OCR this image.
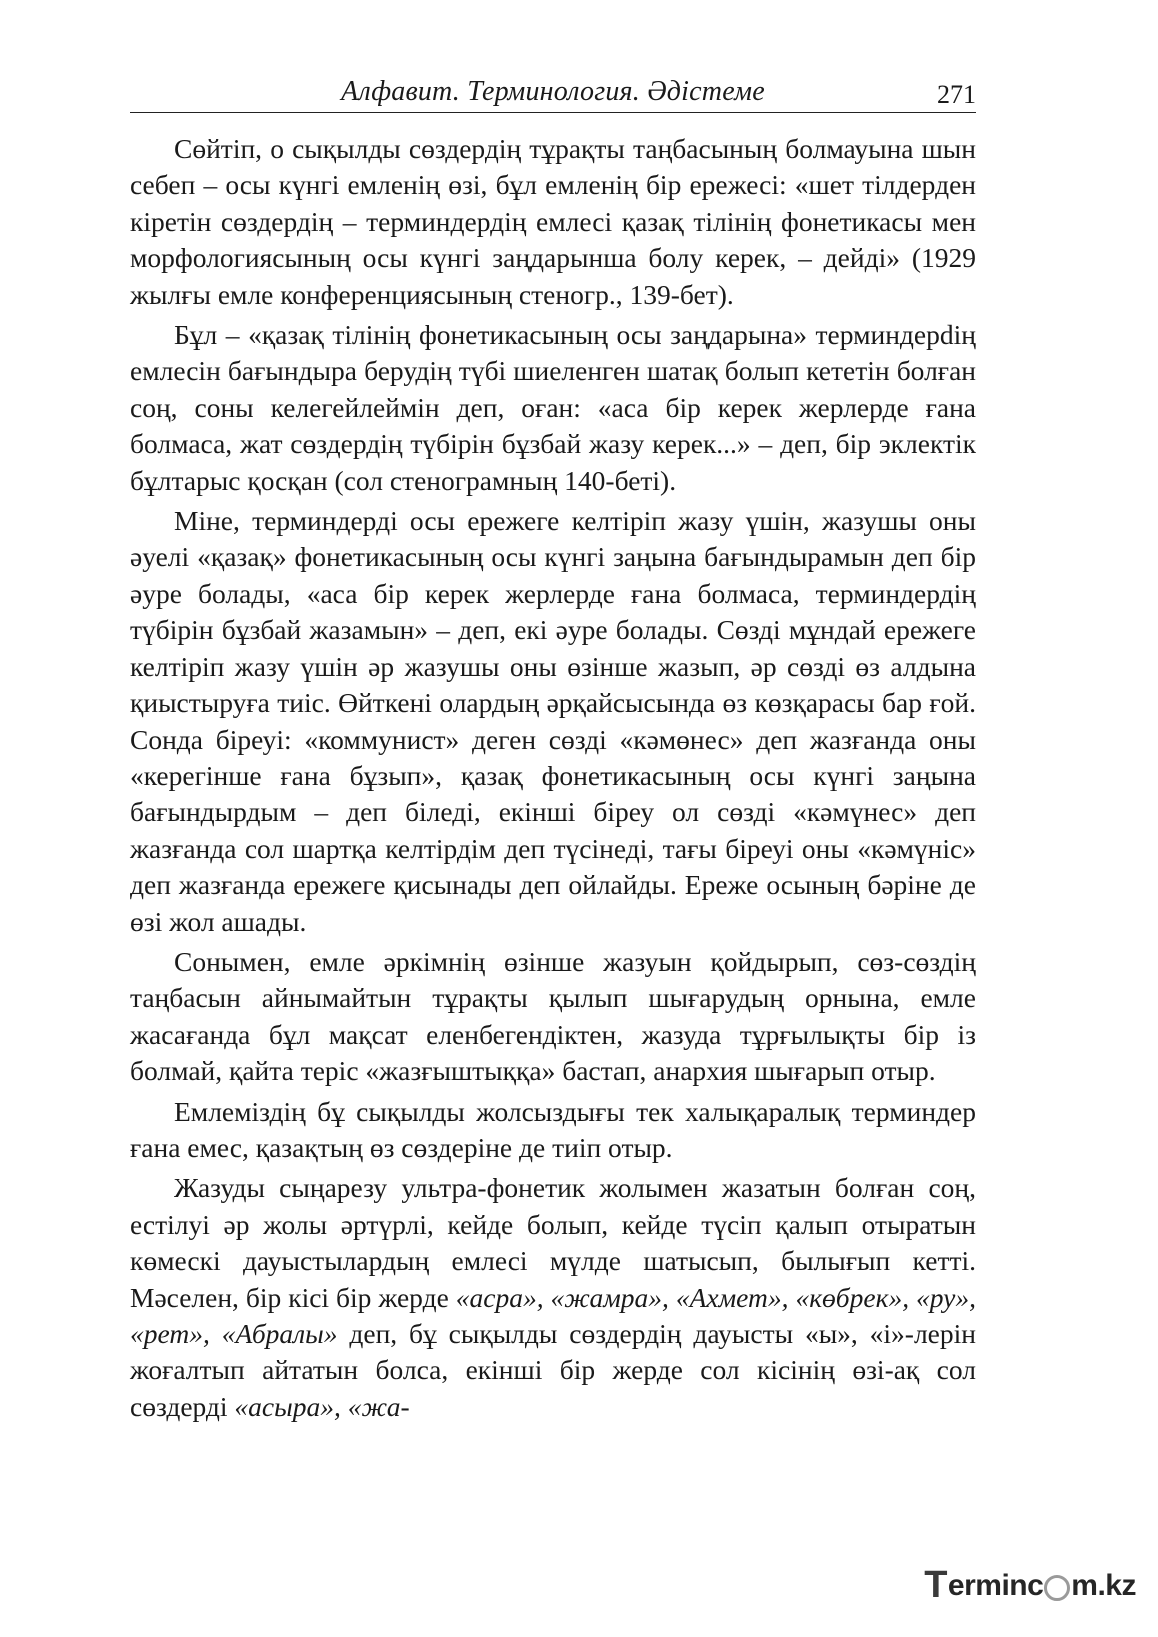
Алфавит. Терминология. Әдістеме	271

Сөйтіп, о сықылды сөздердің тұрақты таңбасының болмауына шын себеп – осы күнгі емленің өзі, бұл емленің бір ережесі: «шет тілдерден кіретін сөздердің – терминдердің емлесі қазақ тілінің фонетикасы мен морфологиясының осы күнгі заңдарынша болу керек, – дейді» (1929 жылғы емле конференциясының стеногр., 139-бет).

Бұл – «қазақ тілінің фонетикасының осы заңдарына» терминдерdің емлесін бағындыра берудің түбі шиеленген шатақ болып кететін болған соң, соны келегейлеймін деп, оған: «аса бір керек жерлерде ғана болмаса, жат сөздердің түбірін бұзбай жазу керек...» – деп, бір эклектік бұлтарыс қосқан (сол стенограмның 140-беті).

Міне, терминдерді осы ережеге келтіріп жазу үшін, жазушы оны әуелі «қазақ» фонетикасының осы күнгі заңына бағындырамын деп бір әуре болады, «аса бір керек жерлерде ғана болмаса, терминдердің түбірін бұзбай жазамын» – деп, екі әуре болады. Сөзді мұндай ережеге келтіріп жазу үшін әр жазушы оны өзінше жазып, әр сөзді өз алдына қиыстыруға тиіс. Өйткені олардың әрқайсысында өз көзқарасы бар ғой. Сонда біреуі: «коммунист» деген сөзді «кәмөнес» деп жазғанда оны «керегінше ғана бұзып», қазақ фонетикасының осы күнгі заңына бағындырдым – деп біледі, екінші біреу ол сөзді «кәмүнес» деп жазғанда сол шартқа келтірдім деп түсінеді, тағы біреуі оны «кәмүніс» деп жазғанда ережеге қисынады деп ойлайды. Ереже осының бәріне де өзі жол ашады.

Сонымен, емле әркімнің өзінше жазуын қойдырып, сөз-сөздің таңбасын айнымайтын тұрақты қылып шығарудың орнына, емле жасағанда бұл мақсат еленбегендіктен, жазуда тұрғылықты бір із болмай, қайта теріс «жазғыштыққа» бастап, анархия шығарып отыр.

Емлеміздің бұ сықылды жолсыздығы тек халықаралық терминдер ғана емес, қазақтың өз сөздеріне де тиіп отыр.

Жазуды сыңарезу ультра-фонетик жолымен жазатын болған соң, естілуі әр жолы әртүрлі, кейде болып, кейде түсіп қалып отыратын көмескі дауыстылардың емлесі мүлде шатысып, былығып кетті. Мәселен, бір кісі бір жерде «асра», «жамра», «Ахмет», «көбрек», «ру», «рет», «Абралы» деп, бұ сықылды сөздердің дауысты «ы», «і»-лерін жоғалтып айтатын болса, екінші бір жерде сол кісінің өзі-ақ сол сөздерді «асыра», «жа-

T erminc m.kz
